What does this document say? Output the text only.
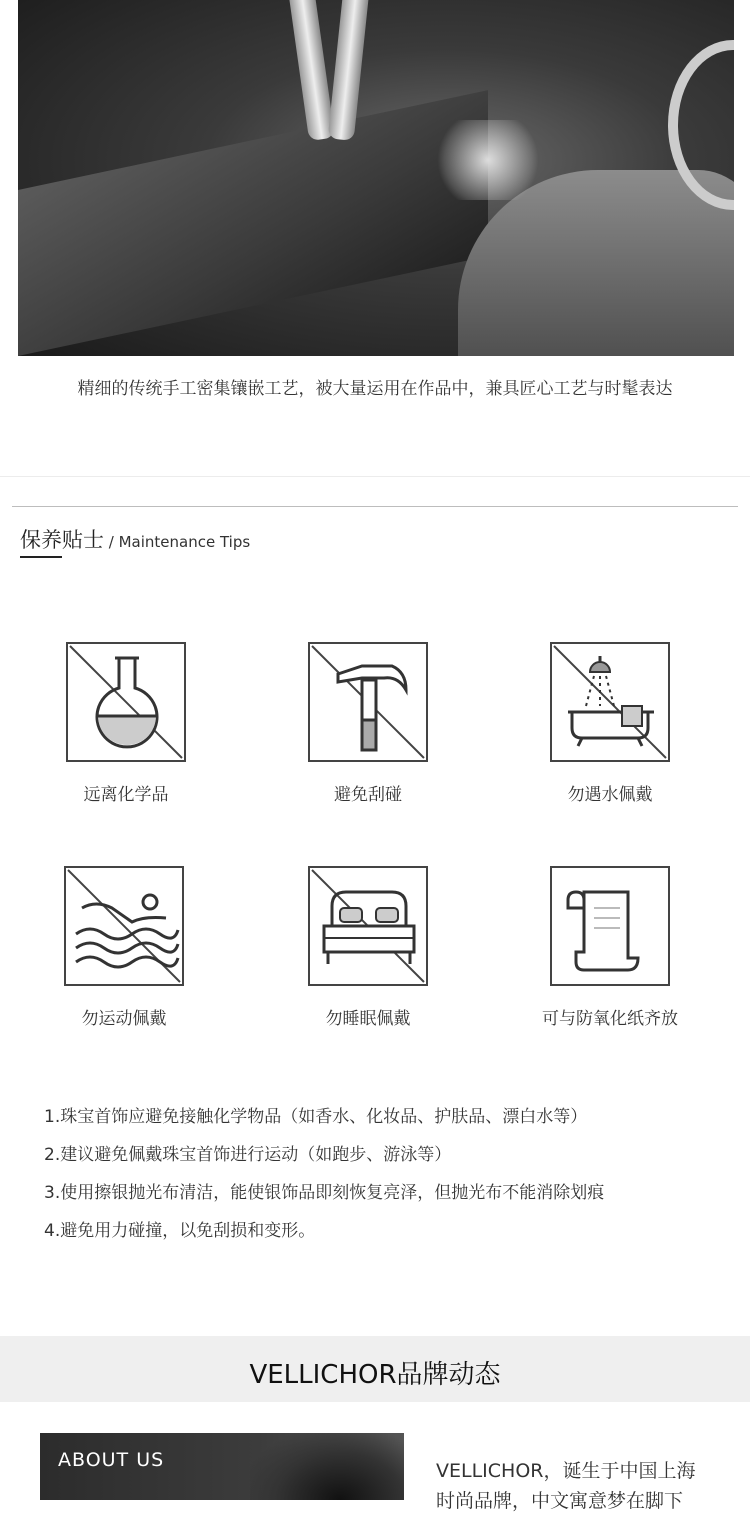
精细的传统手工密集镶嵌工艺，被大量运用在作品中，兼具匠心工艺与时髦表达
保养贴士 / Maintenance Tips
远离化学品	避免刮碰	勿遇水佩戴
勿运动佩戴	勿睡眠佩戴	可与防氧化纸齐放
1.珠宝首饰应避免接触化学物品（如香水、化妆品、护肤品、漂白水等）
2.建议避免佩戴珠宝首饰进行运动（如跑步、游泳等）
3.使用擦银抛光布清洁，能使银饰品即刻恢复亮泽，但抛光布不能消除划痕
4.避免用力碰撞，以免刮损和变形。
VELLICHOR品牌动态
ABOUT US	VELLICHOR，诞生于中国上海
时尚品牌，中文寓意梦在脚下
